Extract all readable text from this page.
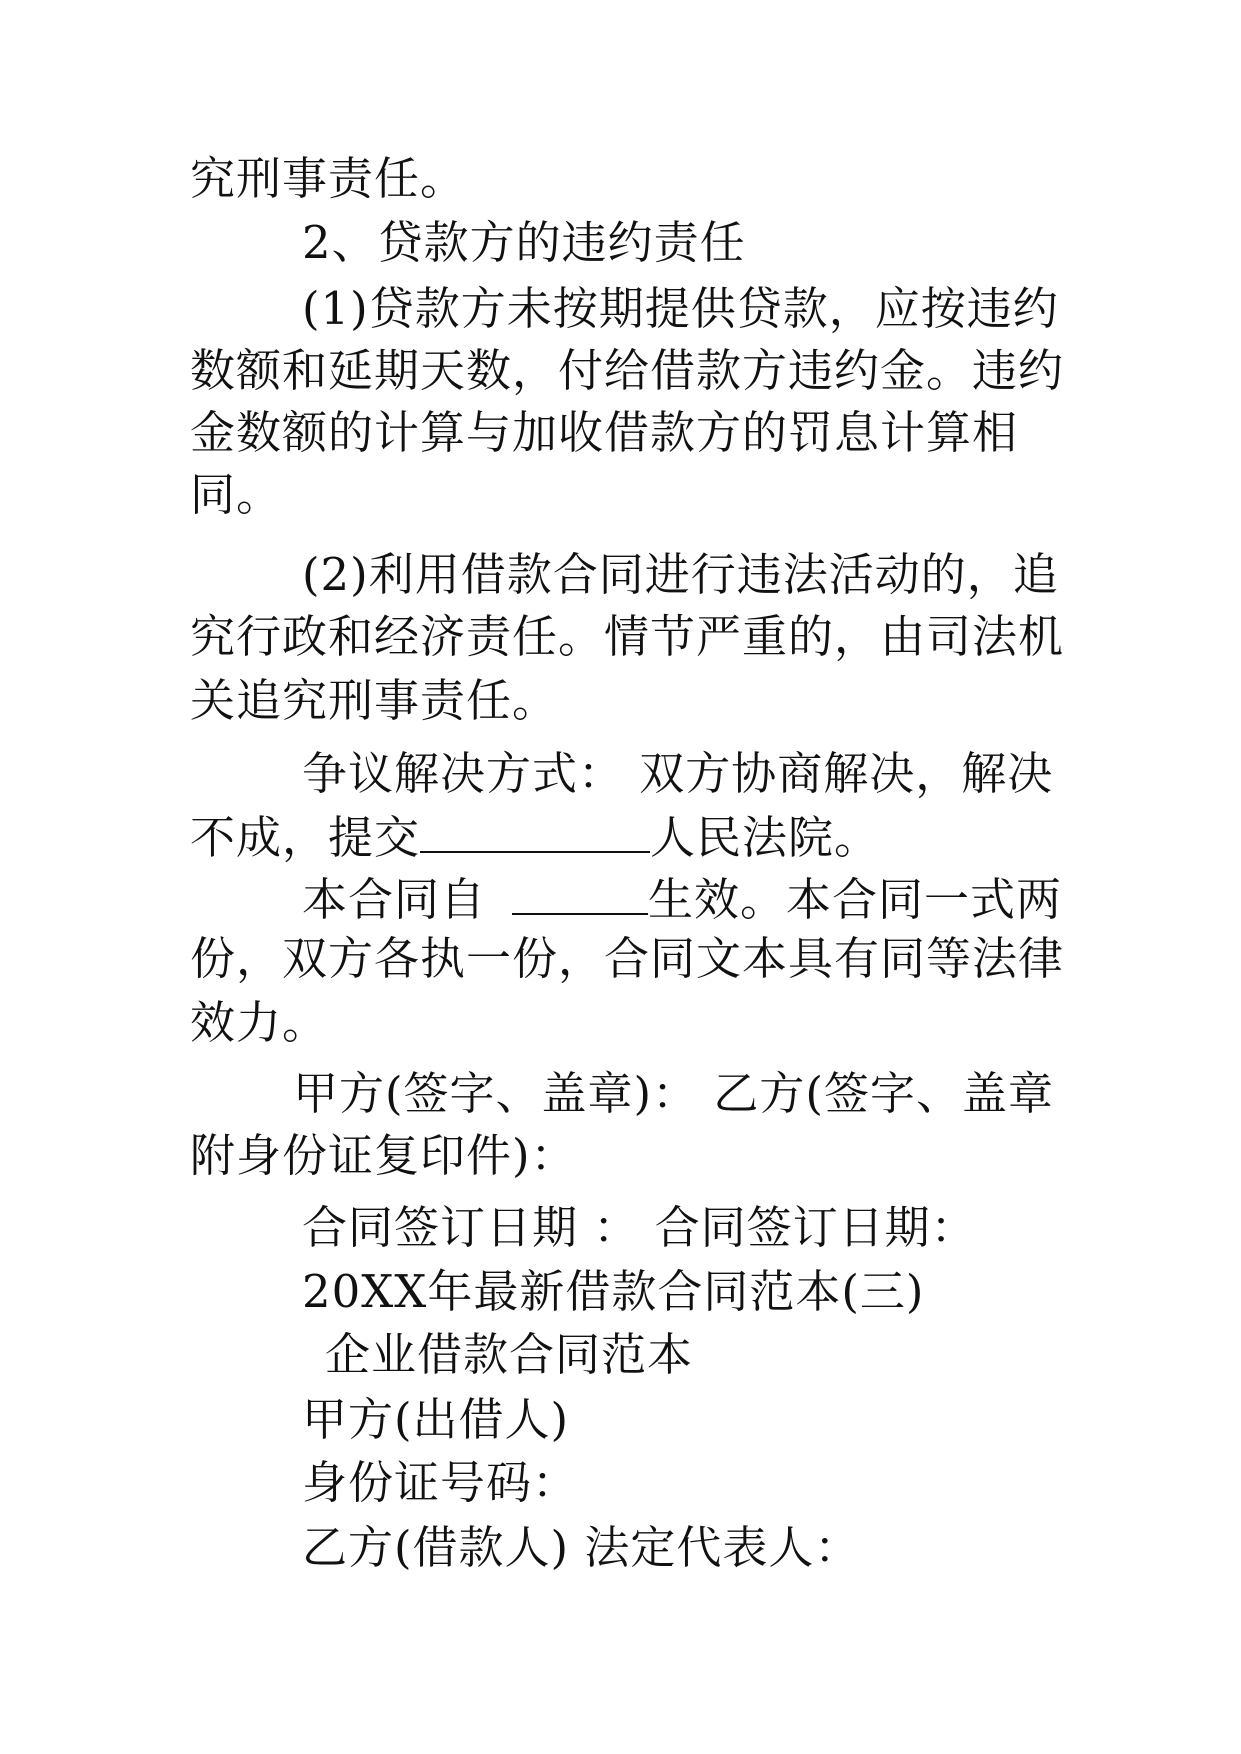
究刑事责任。
2、贷款方的违约责任
(1)贷款方未按期提供贷款，应按违约
数额和延期天数，付给借款方违约金。违约
金数额的计算与加收借款方的罚息计算相
同。
(2)利用借款合同进行违法活动的，追
究行政和经济责任。情节严重的，由司法机
关追究刑事责任。
争议解决方式： 双方协商解决，解决
不成，提交	人民法院。
本合同自	生效。本合同一式两
份，双方各执一份，合同文本具有同等法律
效力。
甲方(签字、盖章)： 乙方(签字、盖章
附身份证复印件)：
合同签订日期 ： 合同签订日期：
20XX年最新借款合同范本(三)
企业借款合同范本
甲方(出借人)
身份证号码：
乙方(借款人) 法定代表人：
